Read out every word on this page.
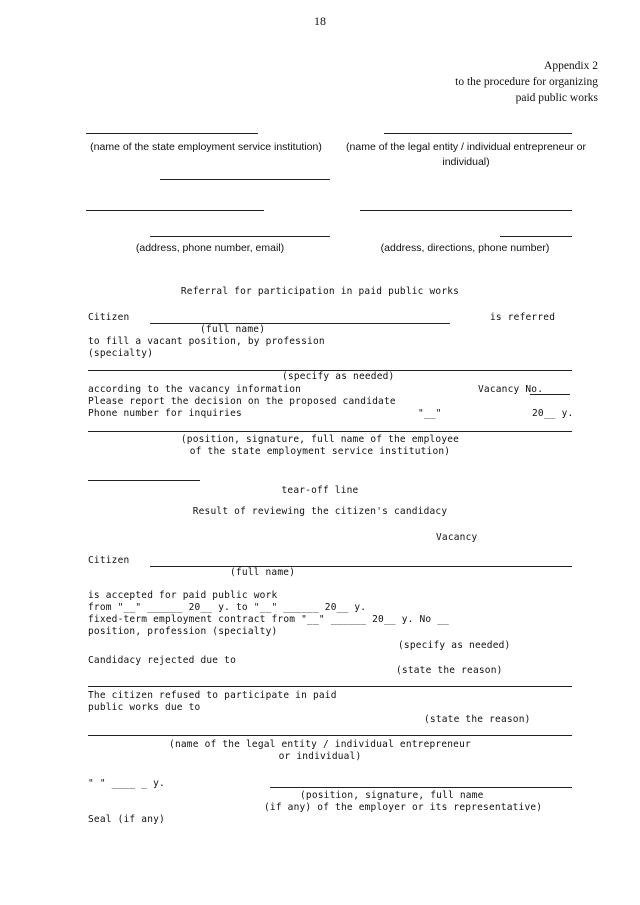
18
Appendix 2
to the procedure for organizing
paid public works
(name of the state employment service institution)	(name of the legal entity / individual entrepreneur or individual)
(address, phone number, email)	(address, directions, phone number)
Referral for participation in paid public works
Citizen	is referred
(full name)
to fill a vacant position, by profession
(specialty)
(specify as needed)
according to the vacancy information	Vacancy No.
Please report the decision on the proposed candidate
Phone number for inquiries	"__"	20__ y.
(position, signature, full name of the employee
of the state employment service institution)
tear-off line
Result of reviewing the citizen's candidacy
Vacancy
Citizen
(full name)
is accepted for paid public work
from "__" ______ 20__ y. to "__" ______ 20__ y.
fixed-term employment contract from "__" ______ 20__ y. No __
position, profession (specialty)
(specify as needed)
Candidacy rejected due to
(state the reason)
The citizen refused to participate in paid
public works due to
(state the reason)
(name of the legal entity / individual entrepreneur
or individual)
" " ____ _ y.
(position, signature, full name
(if any) of the employer or its representative)
Seal (if any)
